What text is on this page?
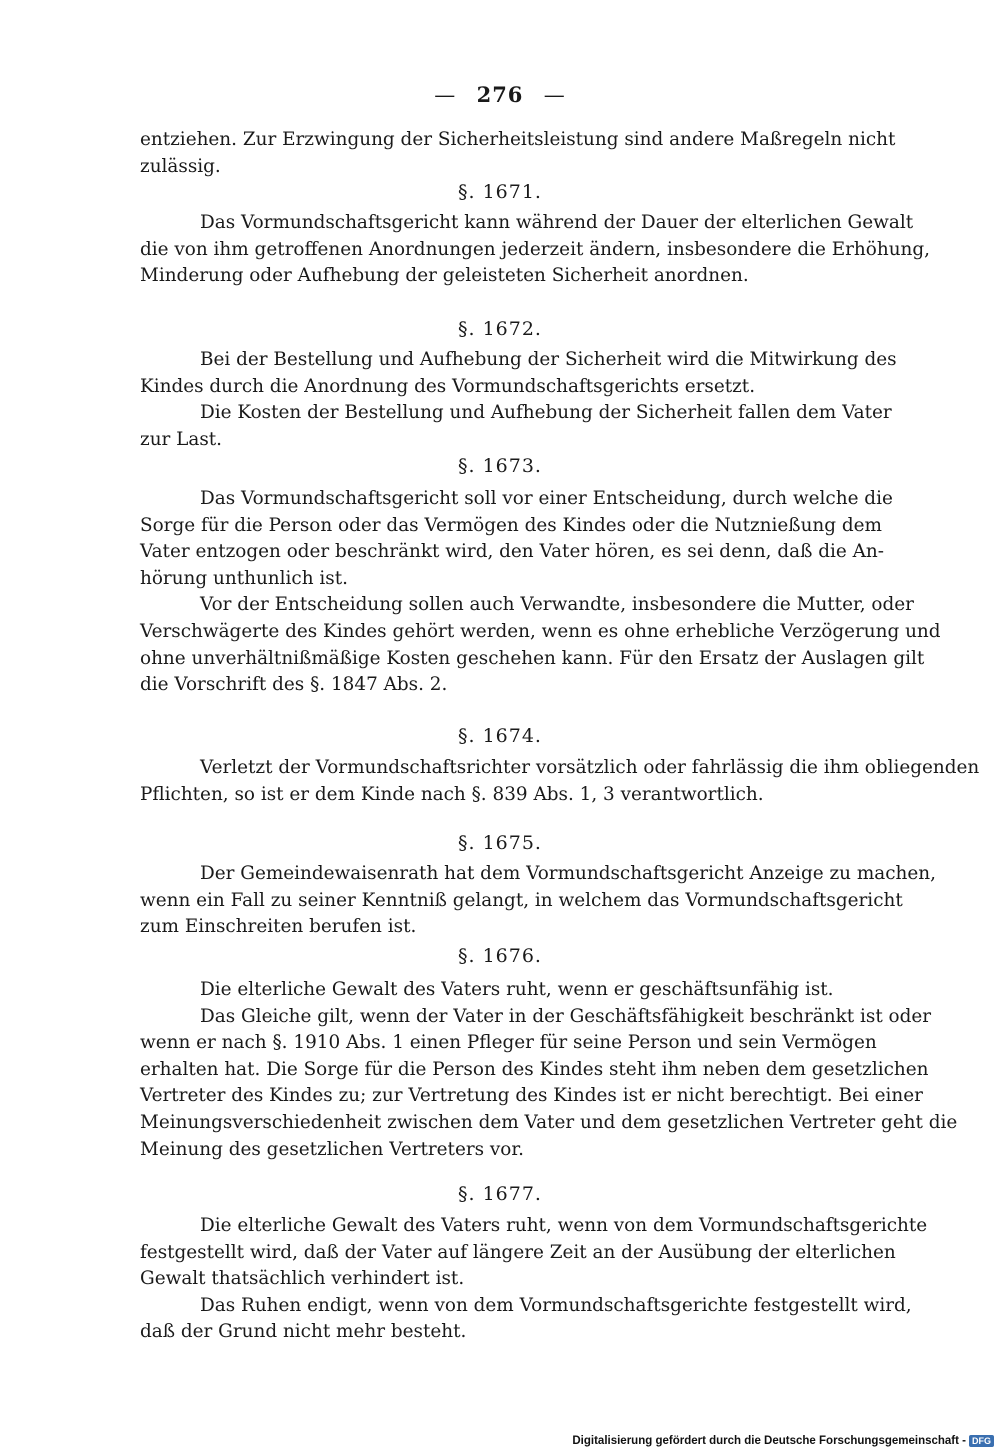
— 276 —
entziehen. Zur Erzwingung der Sicherheitsleistung sind andere Maßregeln nicht
zulässig.
§. 1671.
Das Vormundschaftsgericht kann während der Dauer der elterlichen Gewalt
die von ihm getroffenen Anordnungen jederzeit ändern, insbesondere die Erhöhung,
Minderung oder Aufhebung der geleisteten Sicherheit anordnen.
§. 1672.
Bei der Bestellung und Aufhebung der Sicherheit wird die Mitwirkung des
Kindes durch die Anordnung des Vormundschaftsgerichts ersetzt.
Die Kosten der Bestellung und Aufhebung der Sicherheit fallen dem Vater
zur Last.
§. 1673.
Das Vormundschaftsgericht soll vor einer Entscheidung, durch welche die
Sorge für die Person oder das Vermögen des Kindes oder die Nutznießung dem
Vater entzogen oder beschränkt wird, den Vater hören, es sei denn, daß die An-
hörung unthunlich ist.
Vor der Entscheidung sollen auch Verwandte, insbesondere die Mutter, oder
Verschwägerte des Kindes gehört werden, wenn es ohne erhebliche Verzögerung und
ohne unverhältnißmäßige Kosten geschehen kann. Für den Ersatz der Auslagen gilt
die Vorschrift des §. 1847 Abs. 2.
§. 1674.
Verletzt der Vormundschaftsrichter vorsätzlich oder fahrlässig die ihm obliegenden
Pflichten, so ist er dem Kinde nach §. 839 Abs. 1, 3 verantwortlich.
§. 1675.
Der Gemeindewaisenrath hat dem Vormundschaftsgericht Anzeige zu machen,
wenn ein Fall zu seiner Kenntniß gelangt, in welchem das Vormundschaftsgericht
zum Einschreiten berufen ist.
§. 1676.
Die elterliche Gewalt des Vaters ruht, wenn er geschäftsunfähig ist.
Das Gleiche gilt, wenn der Vater in der Geschäftsfähigkeit beschränkt ist oder
wenn er nach §. 1910 Abs. 1 einen Pfleger für seine Person und sein Vermögen
erhalten hat. Die Sorge für die Person des Kindes steht ihm neben dem gesetzlichen
Vertreter des Kindes zu; zur Vertretung des Kindes ist er nicht berechtigt. Bei einer
Meinungsverschiedenheit zwischen dem Vater und dem gesetzlichen Vertreter geht die
Meinung des gesetzlichen Vertreters vor.
§. 1677.
Die elterliche Gewalt des Vaters ruht, wenn von dem Vormundschaftsgerichte
festgestellt wird, daß der Vater auf längere Zeit an der Ausübung der elterlichen
Gewalt thatsächlich verhindert ist.
Das Ruhen endigt, wenn von dem Vormundschaftsgerichte festgestellt wird,
daß der Grund nicht mehr besteht.
Digitalisierung gefördert durch die Deutsche Forschungsgemeinschaft - DFG
